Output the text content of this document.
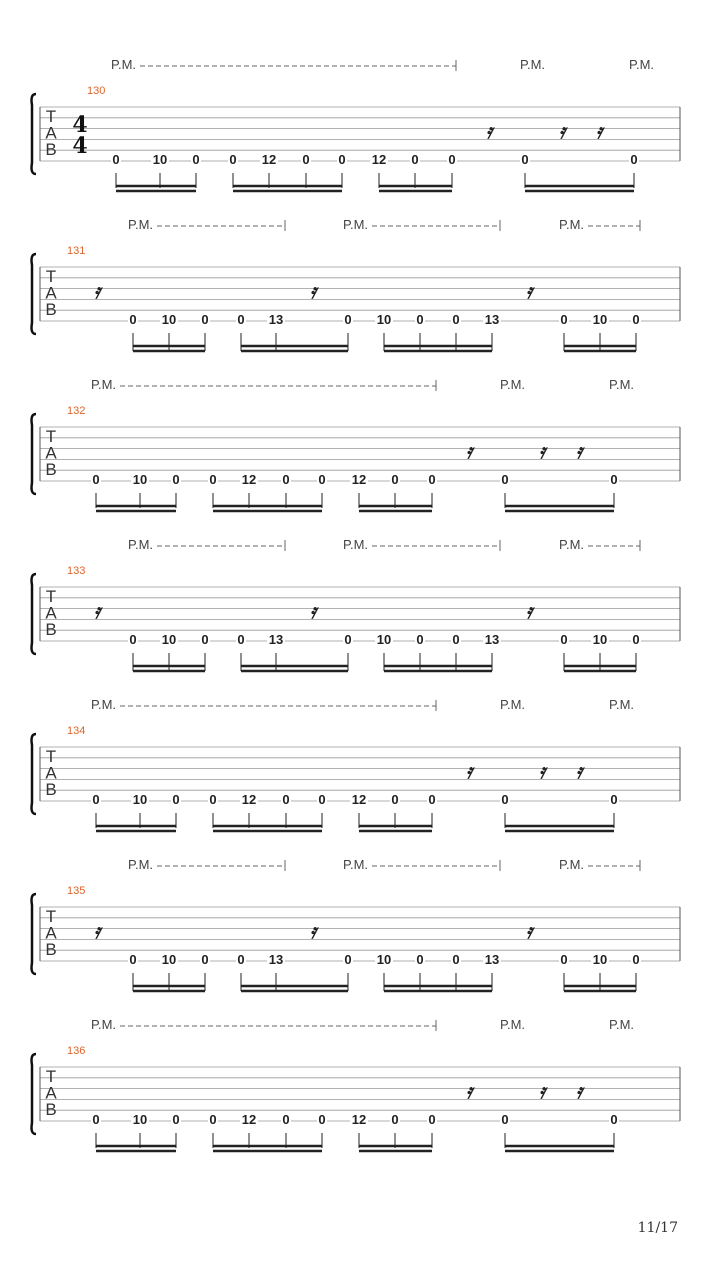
T
A
B
130
4
4
0	10 0 0 12 0 0 12 0 0	0	0
𝄿	𝄿 𝄿
P.M.	P.M.	P.M.
T
A
B
131
0 10 0 0 13	0 10 0 0 13	0 10 0
𝄿	𝄿	𝄿
P.M.	P.M.	P.M.
T
A
B
132
0	10 0 0 12 0 0 12 0 0	0	0
𝄿	𝄿 𝄿
P.M.	P.M.	P.M.
T
A
B
133
0 10 0 0 13	0 10 0 0 13	0 10 0
𝄿	𝄿	𝄿
P.M.	P.M.	P.M.
T
A
B
134
0	10 0 0 12 0 0 12 0 0	0	0
𝄿	𝄿 𝄿
P.M.	P.M.	P.M.
T
A
B
135
0 10 0 0 13	0 10 0 0 13	0 10 0
𝄿	𝄿	𝄿
P.M.	P.M.	P.M.
T
A
B
136
0	10 0 0 12 0 0 12 0 0	0	0
𝄿	𝄿 𝄿
P.M.	P.M.	P.M.
11/17
